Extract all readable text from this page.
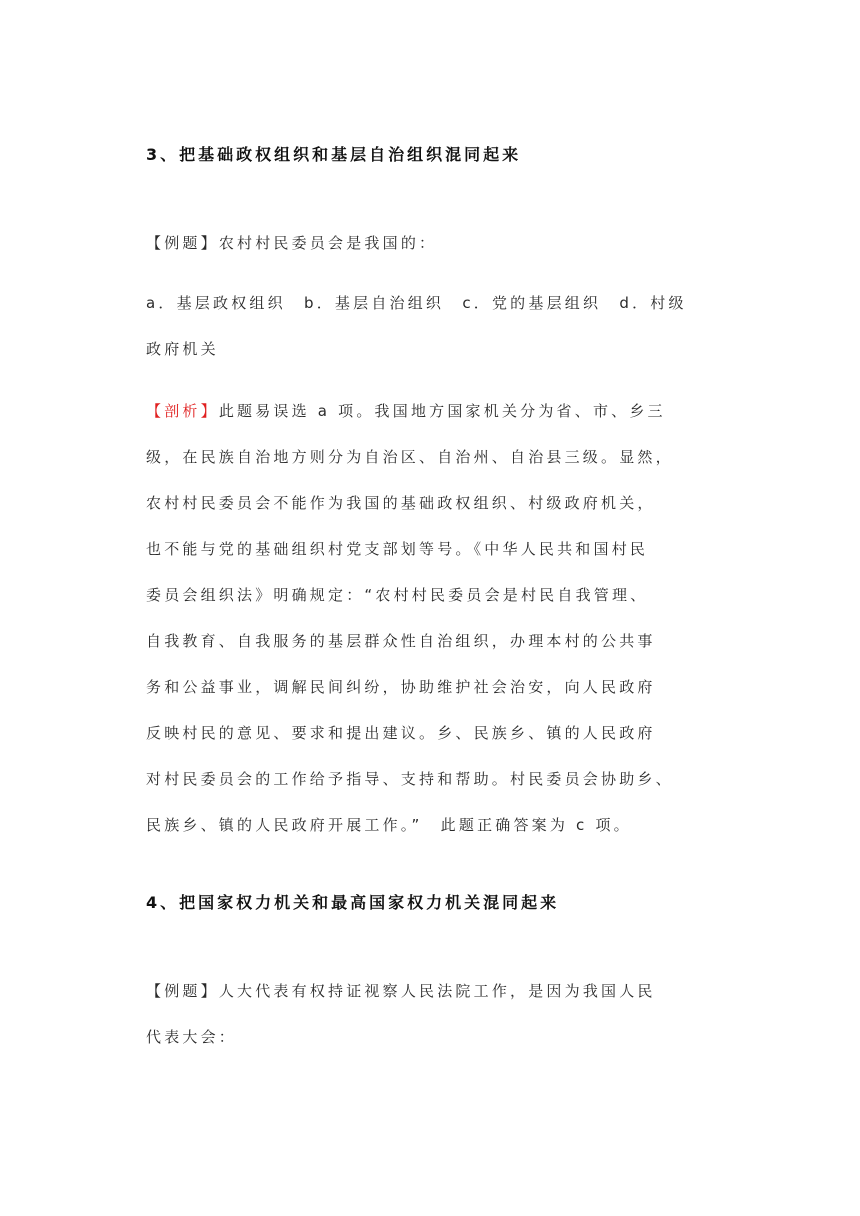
3、把基础政权组织和基层自治组织混同起来
【例题】农村村民委员会是我国的：
a．基层政权组织　b．基层自治组织　c．党的基层组织　d．村级
政府机关
【剖析】此题易误选 a 项。我国地方国家机关分为省、市、乡三
级，在民族自治地方则分为自治区、自治州、自治县三级。显然，
农村村民委员会不能作为我国的基础政权组织、村级政府机关，
也不能与党的基础组织村党支部划等号。《中华人民共和国村民
委员会组织法》明确规定：“农村村民委员会是村民自我管理、
自我教育、自我服务的基层群众性自治组织，办理本村的公共事
务和公益事业，调解民间纠纷，协助维护社会治安，向人民政府
反映村民的意见、要求和提出建议。乡、民族乡、镇的人民政府
对村民委员会的工作给予指导、支持和帮助。村民委员会协助乡、
民族乡、镇的人民政府开展工作。”　此题正确答案为 c 项。
4、把国家权力机关和最高国家权力机关混同起来
【例题】人大代表有权持证视察人民法院工作，是因为我国人民
代表大会：
